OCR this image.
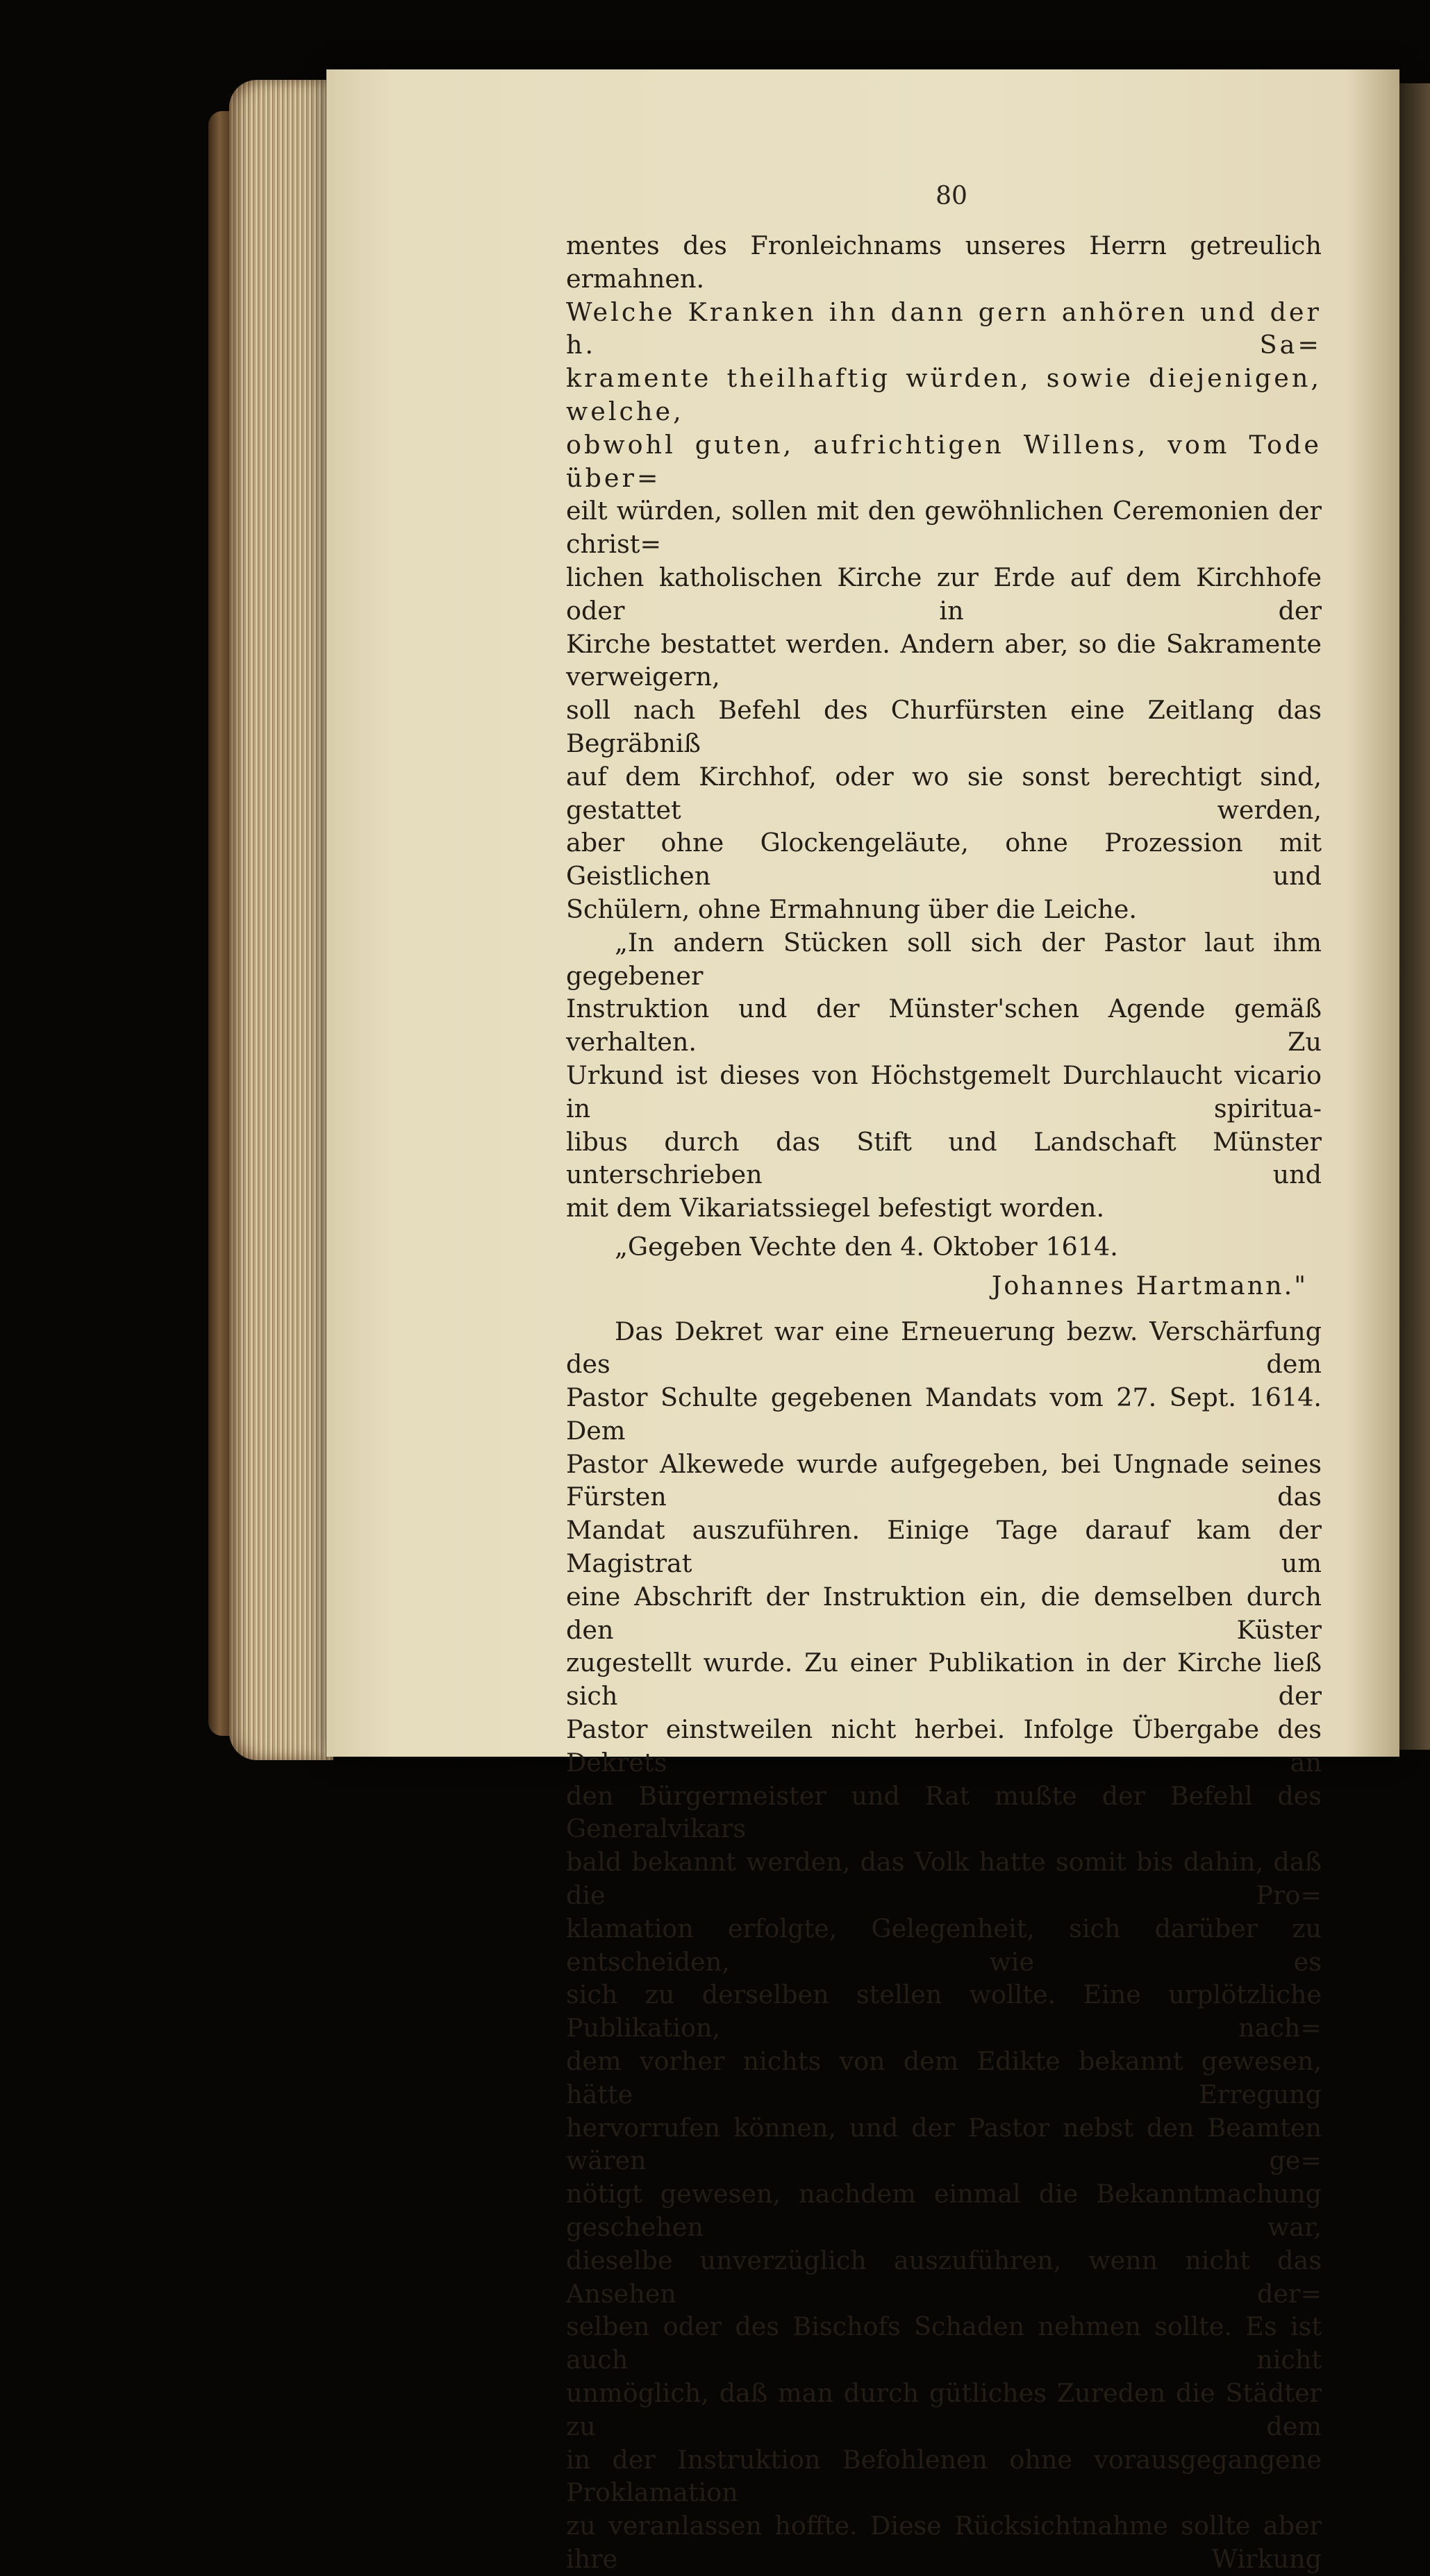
80

mentes des Fronleichnams unseres Herrn getreulich ermahnen.

Welche Kranken ihn dann gern anhören und der h. Sa=

kramente theilhaftig würden, sowie diejenigen, welche,

obwohl guten, aufrichtigen Willens, vom Tode über=

eilt würden, sollen mit den gewöhnlichen Ceremonien der christ=

lichen katholischen Kirche zur Erde auf dem Kirchhofe oder in der

Kirche bestattet werden. Andern aber, so die Sakramente verweigern,

soll nach Befehl des Churfürsten eine Zeitlang das Begräbniß

auf dem Kirchhof, oder wo sie sonst berechtigt sind, gestattet werden,

aber ohne Glockengeläute, ohne Prozession mit Geistlichen und

Schülern, ohne Ermahnung über die Leiche.

„In andern Stücken soll sich der Pastor laut ihm gegebener

Instruktion und der Münster'schen Agende gemäß verhalten. Zu

Urkund ist dieses von Höchstgemelt Durchlaucht vicario in spiritua-

libus durch das Stift und Landschaft Münster unterschrieben und

mit dem Vikariatssiegel befestigt worden.

„Gegeben Vechte den 4. Oktober 1614.

Johannes Hartmann."

Das Dekret war eine Erneuerung bezw. Verschärfung des dem

Pastor Schulte gegebenen Mandats vom 27. Sept. 1614. Dem

Pastor Alkewede wurde aufgegeben, bei Ungnade seines Fürsten das

Mandat auszuführen. Einige Tage darauf kam der Magistrat um

eine Abschrift der Instruktion ein, die demselben durch den Küster

zugestellt wurde. Zu einer Publikation in der Kirche ließ sich der

Pastor einstweilen nicht herbei. Infolge Übergabe des Dekrets an

den Bürgermeister und Rat mußte der Befehl des Generalvikars

bald bekannt werden, das Volk hatte somit bis dahin, daß die Pro=

klamation erfolgte, Gelegenheit, sich darüber zu entscheiden, wie es

sich zu derselben stellen wollte. Eine urplötzliche Publikation, nach=

dem vorher nichts von dem Edikte bekannt gewesen, hätte Erregung

hervorrufen können, und der Pastor nebst den Beamten wären ge=

nötigt gewesen, nachdem einmal die Bekanntmachung geschehen war,

dieselbe unverzüglich auszuführen, wenn nicht das Ansehen der=

selben oder des Bischofs Schaden nehmen sollte. Es ist auch nicht

unmöglich, daß man durch gütliches Zureden die Städter zu dem

in der Instruktion Befohlenen ohne vorausgegangene Proklamation

zu veranlassen hoffte. Diese Rücksichtnahme sollte aber ihre Wirkung
